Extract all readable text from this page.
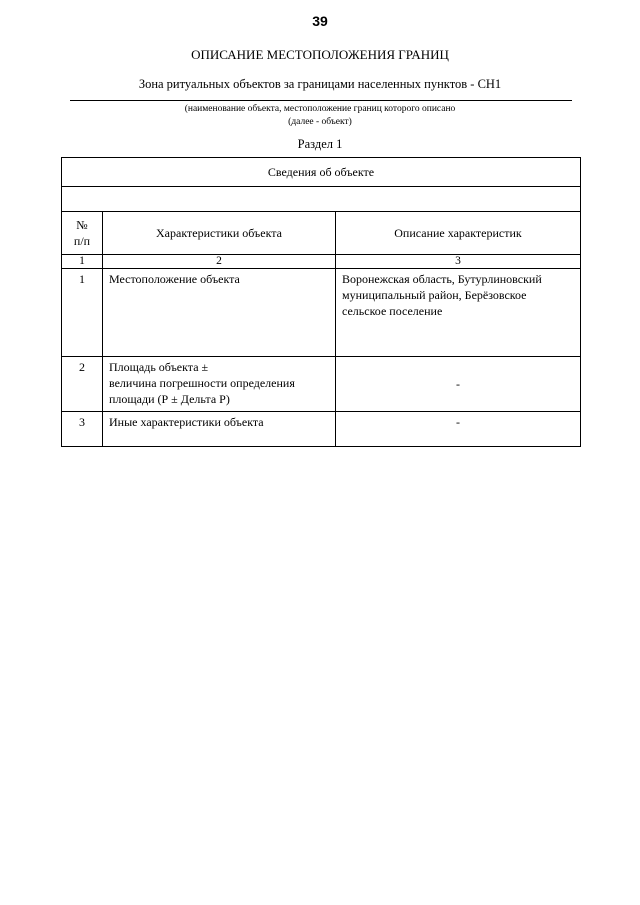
39
ОПИСАНИЕ МЕСТОПОЛОЖЕНИЯ ГРАНИЦ
Зона ритуальных объектов за границами населенных пунктов - СН1
(наименование объекта, местоположение границ которого описано
(далее - объект)
Раздел 1
Сведения об объекте		

№
п/п	Характеристики объекта	Описание характеристик
1	2	3
1	Местоположение объекта	Воронежская область, Бутурлиновский
муниципальный район, Берёзовское
сельское поселение

2	Площадь объекта ±
величина погрешности определения
площади (Р ± Дельта Р)	-
3	Иные характеристики объекта	-
